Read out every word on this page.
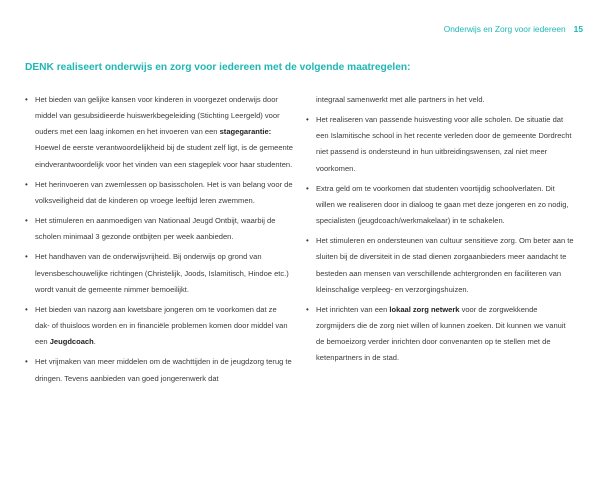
Onderwijs en Zorg voor iedereen 15
DENK realiseert onderwijs en zorg voor iedereen met de volgende maatregelen:
• Het bieden van gelijke kansen voor kinderen in voorgezet onderwijs door middel van gesubsidieerde huiswerkbegeleiding (Stichting Leergeld) voor ouders met een laag inkomen en het invoeren van een stagegarantie: Hoewel de eerste verantwoordelijkheid bij de student zelf ligt, is de gemeente eindverantwoordelijk voor het vinden van een stageplek voor haar studenten.
• Het herinvoeren van zwemlessen op basisscholen. Het is van belang voor de volksveiligheid dat de kinderen op vroege leeftijd leren zwemmen.
• Het stimuleren en aanmoedigen van Nationaal Jeugd Ontbijt, waarbij de scholen minimaal 3 gezonde ontbijten per week aanbieden.
• Het handhaven van de onderwijsvrijheid. Bij onderwijs op grond van levensbeschouwelijke richtingen (Christelijk, Joods, Islamitisch, Hindoe etc.) wordt vanuit de gemeente nimmer bemoeilijkt.
• Het bieden van nazorg aan kwetsbare jongeren om te voorkomen dat ze dak- of thuisloos worden en in financiële problemen komen door middel van een Jeugdcoach.
• Het vrijmaken van meer middelen om de wachttijden in de jeugdzorg terug te dringen. Tevens aanbieden van goed jongerenwerk dat
integraal samenwerkt met alle partners in het veld.
• Het realiseren van passende huisvesting voor alle scholen. De situatie dat een Islamitische school in het recente verleden door de gemeente Dordrecht niet passend is ondersteund in hun uitbreidingswensen, zal niet meer voorkomen.
• Extra geld om te voorkomen dat studenten voortijdig schoolverlaten. Dit willen we realiseren door in dialoog te gaan met deze jongeren en zo nodig, specialisten (jeugdcoach/werkmakelaar) in te schakelen.
• Het stimuleren en ondersteunen van cultuur sensitieve zorg. Om beter aan te sluiten bij de diversiteit in de stad dienen zorgaanbieders meer aandacht te besteden aan mensen van verschillende achtergronden en faciliteren van kleinschalige verpleeg- en verzorgingshuizen.
• Het inrichten van een lokaal zorg netwerk voor de zorgwekkende zorgmijders die de zorg niet willen of kunnen zoeken. Dit kunnen we vanuit de bemoeizorg verder inrichten door convenanten op te stellen met de ketenpartners in de stad.
